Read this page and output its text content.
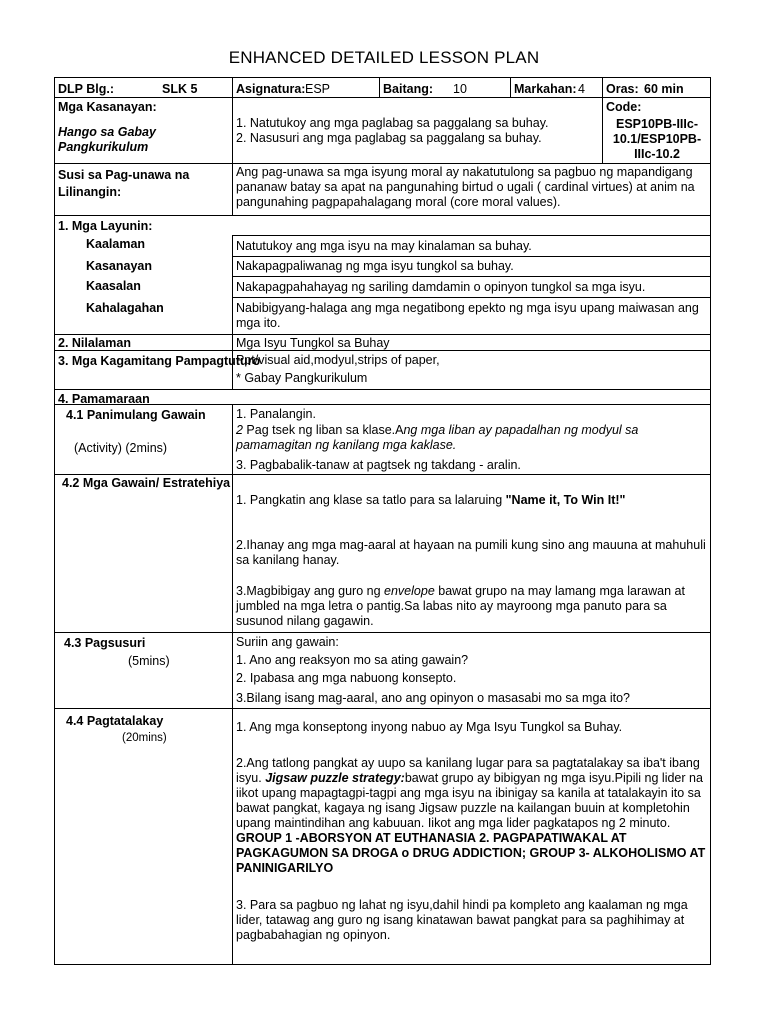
ENHANCED DETAILED LESSON PLAN
DLP Blg.:	SLK 5	Asignatura: ESP	Baitang: 10	Markahan: 4 Oras: 60 min
Mga Kasanayan:
Hango sa Gabay Pangkurikulum
1. Natutukoy ang mga paglabag sa paggalang sa buhay.
2. Nasusuri ang mga paglabag sa paggalang sa buhay.
Code:
ESP10PB-IIIc-10.1/ESP10PB-IIIc-10.2
Susi sa Pag-unawa na Lilinangin:
Ang pag-unawa sa mga isyung moral ay nakatutulong sa pagbuo ng mapandigang pananaw batay sa apat na pangunahing birtud o ugali ( cardinal virtues) at anim na pangunahing pagpapahalagang moral (core moral values).
1. Mga Layunin:
Kaalaman	Natutukoy ang mga isyu na may kinalaman sa buhay.
Kasanayan	Nakapagpaliwanag ng mga isyu tungkol sa buhay.
Kaasalan	Nakapagpahahayag ng sariling damdamin o opinyon tungkol sa mga isyu.
Kahalagahan	Nabibigyang-halaga ang mga negatibong epekto ng mga isyu upang maiwasan ang mga ito.
2. Nilalaman	Mga Isyu Tungkol sa Buhay
3. Mga Kagamitang Pampagtuturo
Ppt/visual aid,modyul,strips of paper,
* Gabay Pangkurikulum
4. Pamamaraan
4.1 Panimulang Gawain
(Activity) (2mins)
1. Panalangin.
2 Pag tsek ng liban sa klase.Ang mga liban ay papadalhan ng modyul sa pamamagitan ng kanilang mga kaklase.
3. Pagbabalik-tanaw at pagtsek ng takdang - aralin.
4.2 Mga Gawain/ Estratehiya
1. Pangkatin ang klase sa tatlo para sa lalaruing "Name it, To Win It!"
2.Ihanay ang mga mag-aaral at hayaan na pumili kung sino ang mauuna at mahuhuli sa kanilang hanay.
3.Magbibigay ang guro ng envelope bawat grupo na may lamang mga larawan at jumbled na mga letra o pantig.Sa labas nito ay mayroong mga panuto para sa susunod nilang gagawin.
4.3 Pagsusuri
(5mins)
Suriin ang gawain:
1. Ano ang reaksyon mo sa ating gawain?
2. Ipabasa ang mga nabuong konsepto.
3.Bilang isang mag-aaral, ano ang opinyon o masasabi mo sa mga ito?
4.4 Pagtatalakay
(20mins)
1. Ang mga konseptong inyong nabuo ay Mga Isyu Tungkol sa Buhay.
2.Ang tatlong pangkat ay uupo sa kanilang lugar para sa pagtatalakay sa iba't ibang isyu. Jigsaw puzzle strategy:bawat grupo ay bibigyan ng mga isyu.Pipili ng lider na iikot upang mapagtagpi-tagpi ang mga isyu na ibinigay sa kanila at tatalakayin ito sa bawat pangkat, kagaya ng isang Jigsaw puzzle na kailangan buuin at kompletohin upang maintindihan ang kabuuan. Iikot ang mga lider pagkatapos ng 2 minuto.
GROUP 1 -ABORSYON AT EUTHANASIA 2. PAGPAPATIWAKAL AT PAGKAGUMON SA DROGA o DRUG ADDICTION; GROUP 3- ALKOHOLISMO AT PANINIGARILYO
3. Para sa pagbuo ng lahat ng isyu,dahil hindi pa kompleto ang kaalaman ng mga lider, tatawag ang guro ng isang kinatawan bawat pangkat para sa paghihimay at pagbabahagian ng opinyon.
